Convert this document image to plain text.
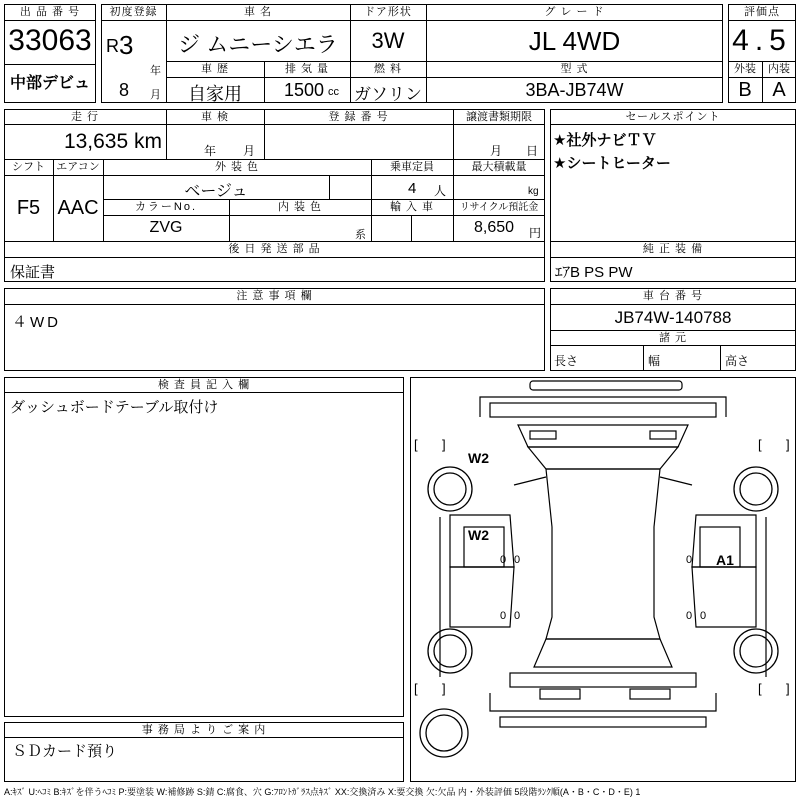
出 品 番 号
33063
中部デビュ
初度登録
R 3
年
8 月
車 名
ジ ムニーシエラ
ドア形状
3W
グ レ ー ド
JL 4WD
車 歴
自家用
排 気 量
1500 cc
燃 料
ガソリン
型 式
3BA-JB74W
評価点
4.5
外装	内装
B	A
走 行
13,635 km
車 検
年 月
登 録 番 号	譲渡書類期限
月 日
シフト
F5
エアコン
AAC
外 装 色
ベージュ
乗車定員
4 人
最大積載量
kg
カラーNo.
ZVG
内 装 色
系
輸 入 車	リサイクル預託金
8,650 円
セールスポイント
★社外ナビＴＶ
★シートヒーター
後 日 発 送 部 品
保証書
純 正 装 備
ｴｱB PS PW
注 意 事 項 欄
４WD
車 台 番 号
JB74W-140788
諸 元
長さ	幅	高さ
検 査 員 記 入 欄
ダッシュボードテーブル取付け
事 務 局 よ り ご 案 内
ＳＤカード預り
[ ]	[ ]
[ ]	[ ]
W2
W2
A1
0
0
0
0
0
0 0
A:ｷｽﾞ U:ﾍｺﾐ B:ｷｽﾞを伴うﾍｺﾐ P:要塗装 W:補修跡 S:錆 C:腐食、穴 G:ﾌﾛﾝﾄｶﾞﾗｽ点ｷｽﾞ XX:交換済み X:要交換 欠:欠品 内・外装評価 5段階ﾗﾝｸ順(A・B・C・D・E) 1
